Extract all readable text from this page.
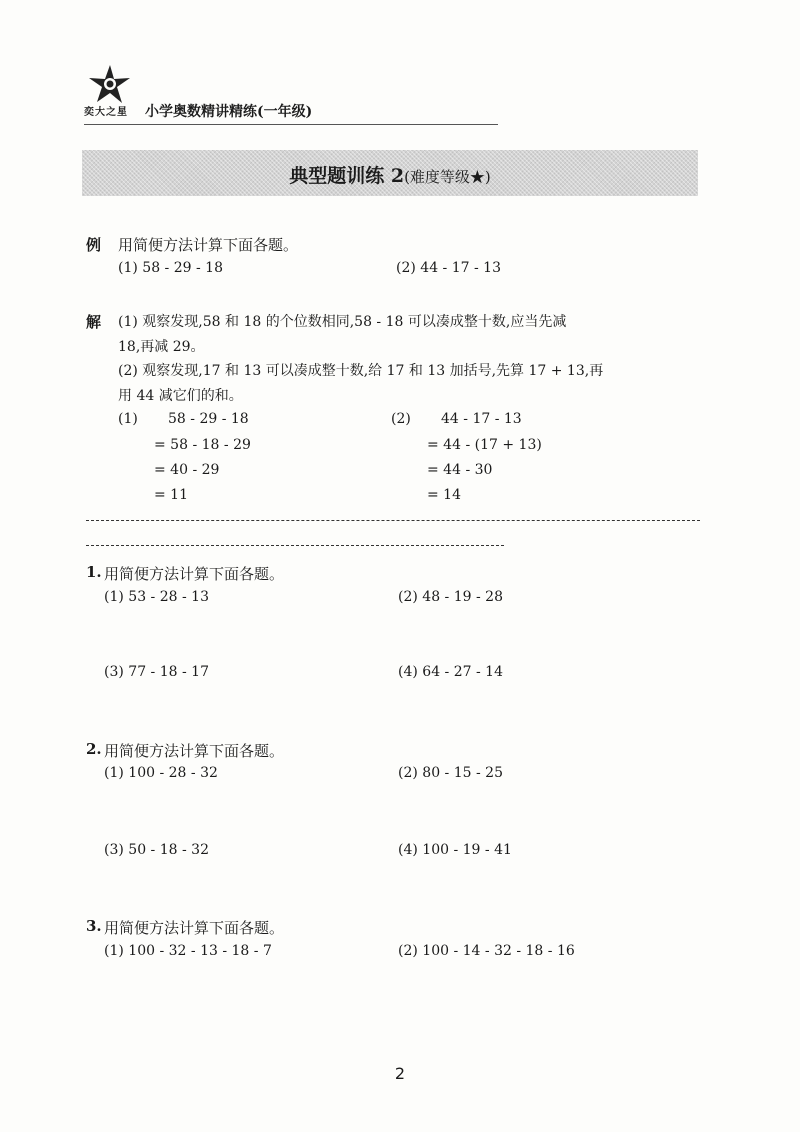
奕大之星 小学奥数精讲精练(一年级)
典型题训练 2(难度等级★)
例 用简便方法计算下面各题。
(1) 58 - 29 - 18	(2) 44 - 17 - 13
解 (1) 观察发现,58 和 18 的个位数相同,58 - 18 可以凑成整十数,应当先减
18,再减 29。
(2) 观察发现,17 和 13 可以凑成整十数,给 17 和 13 加括号,先算 17 + 13,再
用 44 减它们的和。
(1) 58 - 29 - 18
= 58 - 18 - 29
= 40 - 29
= 11
(2) 44 - 17 - 13
= 44 - (17 + 13)
= 44 - 30
= 14
1. 用简便方法计算下面各题。
(1) 53 - 28 - 13	(2) 48 - 19 - 28
(3) 77 - 18 - 17	(4) 64 - 27 - 14
2. 用简便方法计算下面各题。
(1) 100 - 28 - 32	(2) 80 - 15 - 25
(3) 50 - 18 - 32	(4) 100 - 19 - 41
3. 用简便方法计算下面各题。
(1) 100 - 32 - 13 - 18 - 7	(2) 100 - 14 - 32 - 18 - 16
2
